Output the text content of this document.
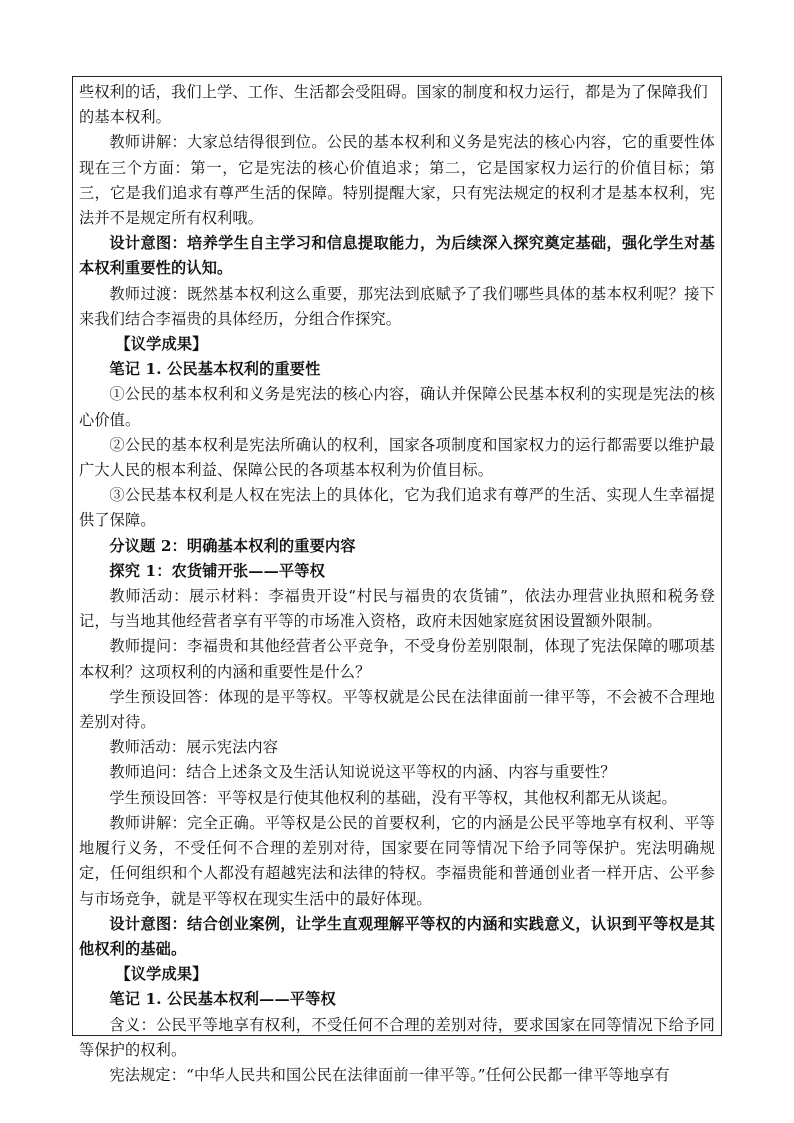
些权利的话，我们上学、工作、生活都会受阻碍。国家的制度和权力运行，都是为了保障我们的基本权利。

教师讲解：大家总结得很到位。公民的基本权利和义务是宪法的核心内容，它的重要性体现在三个方面：第一，它是宪法的核心价值追求；第二，它是国家权力运行的价值目标；第三，它是我们追求有尊严生活的保障。特别提醒大家，只有宪法规定的权利才是基本权利，宪法并不是规定所有权利哦。

设计意图：培养学生自主学习和信息提取能力，为后续深入探究奠定基础，强化学生对基本权利重要性的认知。

教师过渡：既然基本权利这么重要，那宪法到底赋予了我们哪些具体的基本权利呢？接下来我们结合李福贵的具体经历，分组合作探究。

【议学成果】

笔记 1. 公民基本权利的重要性

①公民的基本权利和义务是宪法的核心内容，确认并保障公民基本权利的实现是宪法的核心价值。

②公民的基本权利是宪法所确认的权利，国家各项制度和国家权力的运行都需要以维护最广大人民的根本利益、保障公民的各项基本权利为价值目标。

③公民基本权利是人权在宪法上的具体化，它为我们追求有尊严的生活、实现人生幸福提供了保障。

分议题 2：明确基本权利的重要内容

探究 1：农货铺开张——平等权

教师活动：展示材料：李福贵开设“村民与福贵的农货铺”，依法办理营业执照和税务登记，与当地其他经营者享有平等的市场准入资格，政府未因她家庭贫困设置额外限制。

教师提问：李福贵和其他经营者公平竞争，不受身份差别限制，体现了宪法保障的哪项基本权利？这项权利的内涵和重要性是什么？

学生预设回答：体现的是平等权。平等权就是公民在法律面前一律平等，不会被不合理地差别对待。

教师活动：展示宪法内容

教师追问：结合上述条文及生活认知说说这平等权的内涵、内容与重要性？

学生预设回答：平等权是行使其他权利的基础，没有平等权，其他权利都无从谈起。

教师讲解：完全正确。平等权是公民的首要权利，它的内涵是公民平等地享有权利、平等地履行义务，不受任何不合理的差别对待，国家要在同等情况下给予同等保护。宪法明确规定，任何组织和个人都没有超越宪法和法律的特权。李福贵能和普通创业者一样开店、公平参与市场竞争，就是平等权在现实生活中的最好体现。

设计意图：结合创业案例，让学生直观理解平等权的内涵和实践意义，认识到平等权是其他权利的基础。

【议学成果】

笔记 1. 公民基本权利——平等权

含义：公民平等地享有权利，不受任何不合理的差别对待，要求国家在同等情况下给予同等保护的权利。

宪法规定：“中华人民共和国公民在法律面前一律平等。”任何公民都一律平等地享有
